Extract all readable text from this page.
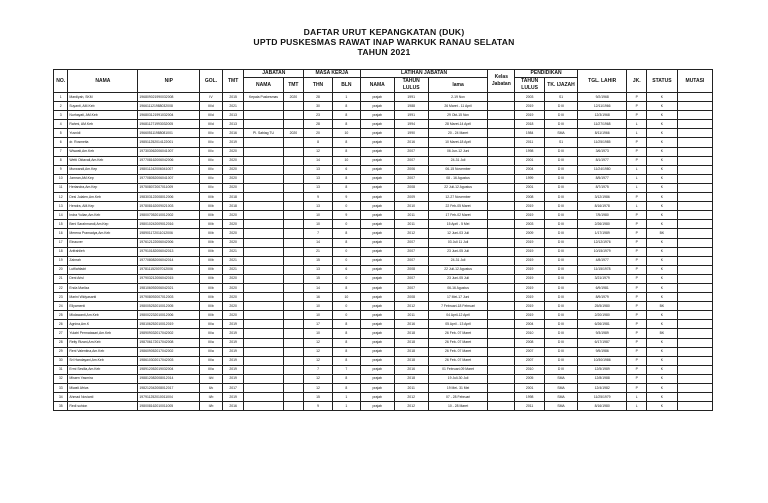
DAFTAR URUT KEPANGKATAN (DUK)
UPTD PUSKESMAS RAWAT INAP WARKUK RANAU SELATAN
TAHUN 2021
NO.	NAMA	NIP	GOL.	TMT	JABATAN		MASA KERJA		LATIHAN JABATAN			Kelas Jabatan	PENDIDIKAN		TGL. LAHIR	JK.	STATUS	MUTASI
					NAMA	TMT	THN	BLN	NAMA	TAHUN LULUS	lama		TAHUN LULUS	TK. IJAZAH				
1	Mardiyah, SKM	196809021990032008	IV	2015	Kepala Puskesmas	2020	28	1	prajab	1991	2-19 Nov		2003	S1	9/2/1968	P	K	
2	Suyanti, AM.Keb	196611121988032008	III/d	2021			30	8	prajab	1988	26 Maret - 11 April		2019	D III	12/11/1966	P	K	
3	Nurhayati, AM.Keb	196803121991032004	III/d	2013			23	8	prajab	1991	29 Okt-15 Nov		2019	D III	12/3/1968	P	K	
4	Rahmi, AM.Keb	196811271993032005	III/d	2013			28	8	prajab	1994	28 Maret-14 April		2018	D III	11/27/1968	L	K	
5	Yusnidi	196605111988081001	III/c	2016	Pl. Sablag TU	2020	20	10	prajab	1990	20 - 24 Maret		1984	SMA	8/11/1966	L	K	
6	dr. Rosmeita	198511252014122001	III/c	2019			8	8	prajab	2016	10 Maret-18 April		2011	S1	11/25/1985	P	K	
7	Wiswati,Am.Keb	197303062006041007	III/c	2020			12	8	prajab	2007	06 Jun-12 Juni		1998	D III	3/6/1973	P	K	
8	Wetti Oktavali,Am.Keb	197708162006042006	III/c	2020			14	10	prajab	2007	24-31 Juli		2001	D III	8/1/1977	P	K	
9	Murwandi,Am.Kep	198011242006041007	III/c	2020			13	6	prajab	2006	06-15 November		2004	D III	11/24/1980	L	K	
10	Jamran,AM.Kep	197708052006041007	III/c	2020			13	8	prajab	2007	08 - 16 Agustus		1999	D III	8/5/1977	L	K	
11	Heriandra,Am.Kep	197508072007011009	III/c	2020			13	8	prajab	2008	22 Juli-12 Agustus		2001	D III	8/7/1975	L	K	
12	Desi Julalen,Am.Keb	198303122008012006	III/b	2018			9	9	prajab	2009	12-27 November		2008	D III	3/12/1986	P	K	
13	Hendra, AM.Kep	197808162009021003	III/b	2018			13	0	prajab	2010	22 Feb-05 Maret		2019	D III	8/16/1978	L	K	
14	Indra Yulian,Am.Keb	198007052010012002	III/b	2020			10	9	prajab	2011	17 Feb-02 Maret		2019	D III	7/5/1980	P	K	
15	Beni Sarahmandi,Am.Kep	198010242009012016	III/b	2020			10	0	prajab	2011	15 April - 5 Mei		2003	D III	2/26/1980	P	K	
16	Merena Pramadya,Am.Keb	198901172011012006	III/b	2020			7	8	prajab	2012	12 Juni-03 Juli		2009	D III	1/17/1989	P	BK	
17	Einauver	197612122006042006	III/b	2020			14	8	prajab	2007	03 Juli 11 Juli		2019	D III	12/12/1976	P	K	
18	Arifrahlieh	197910182006042013	III/b	2021			21	0	prajab	2007	23 Juni-05 Juli		2019	D III	10/15/1979	P	K	
19	Zainrah	197708082006042014	III/b	2021			15	0	prajab	2007	24-31 Juli		2019	D III	4/8/1977	P	K	
20	Lutfiahfadri	197811152007012006	III/b	2021			13	6	prajab	2008	22 Juli-12 Agustus		2019	D III	11/15/1978	P	K	
21	Deni Arisl	197903212006042015	III/b	2020			15	0	prajab	2007	23 Juni-05 Juli		2019	D III	3/21/1979	P	K	
22	Enda Marliza	198106092006042021	III/b	2020			14	8	prajab	2007	06-16 Agustus		2019	D III	6/9/1981	P	K	
23	Marini Widyasanti	197908092007012003	III/b	2020			16	10	prajab	2008	17 Mei-17 Juni		2019	D III	8/9/1979	P	K	
24	Ellyamenti	198005252010012005	III/b	2020			10	0	prajab	2012	7 Februari-18 Februari		2019	D III	25/5/1980	P	BK	
25	Mkdawanti,Am.Keb	198002232010012006	III/b	2020			10	0	prajab	2011	04 April-12 April		2019	D III	2/20/1980	P	K	
26	Agnina,Am.K	198106252010012019	III/a	2019			17	8	prajab	2016	05 April - 13 April		2004	D III	6/26/1981	P	K	
27	Yulatri Permatasari,Am.Keb	198909032017042002	III/a	2019			10	8	prajab	2018	26 Feb- 07 Maret		2010	D III	9/3/1989	P	BK	
28	Reity Rizani,Am.Keb	198706172017042008	III/a	2019			12	8	prajab	2018	26 Feb- 07 Maret		2008	D III	6/17/1987	P	K	
29	Reni Valentina,Am.Keb	198609052017042002	III/a	2019			12	8	prajab	2018	26 Feb- 07 Maret		2007	D III	9/5/1986	P	K	
30	Sri Handayani,Am.Keb	198610302017042003	III/a	2019			12	8	prajab	2018	26 Feb- 07 Maret		2007	D III	10/30/1986	P	K	
31	Ermi Sesilia,Am.Keb	198912052019032004	III/a	2019			7	7	prajab	2016	01 Februari-09 Maret		2010	D III	12/5/1989	P	K	
32	Mhaen Yasmira	198812082008012014	II/d	2019			12	8	prajab	2018	19 Juli-30 Juli		2005	SMA	12/8/1988	P	K	
33	Miwati Afriva	198212042008012017	II/c	2017			12	8	prajab	2011	19 Mei- 31 Mei		2001	SMA	12/4/1982	P	K	
34	Ahmad Novianti	197911252010011004	II/b	2019			15	1	prajab	2012	07 - 28 Februari		1998	SMA	11/25/1979	L	K	
35	Redi suhion	198008162010011005	II/b	2016			9	1	prajab	2012	10 - 28 Maret		2011	SMA	8/16/1980	L	K	
